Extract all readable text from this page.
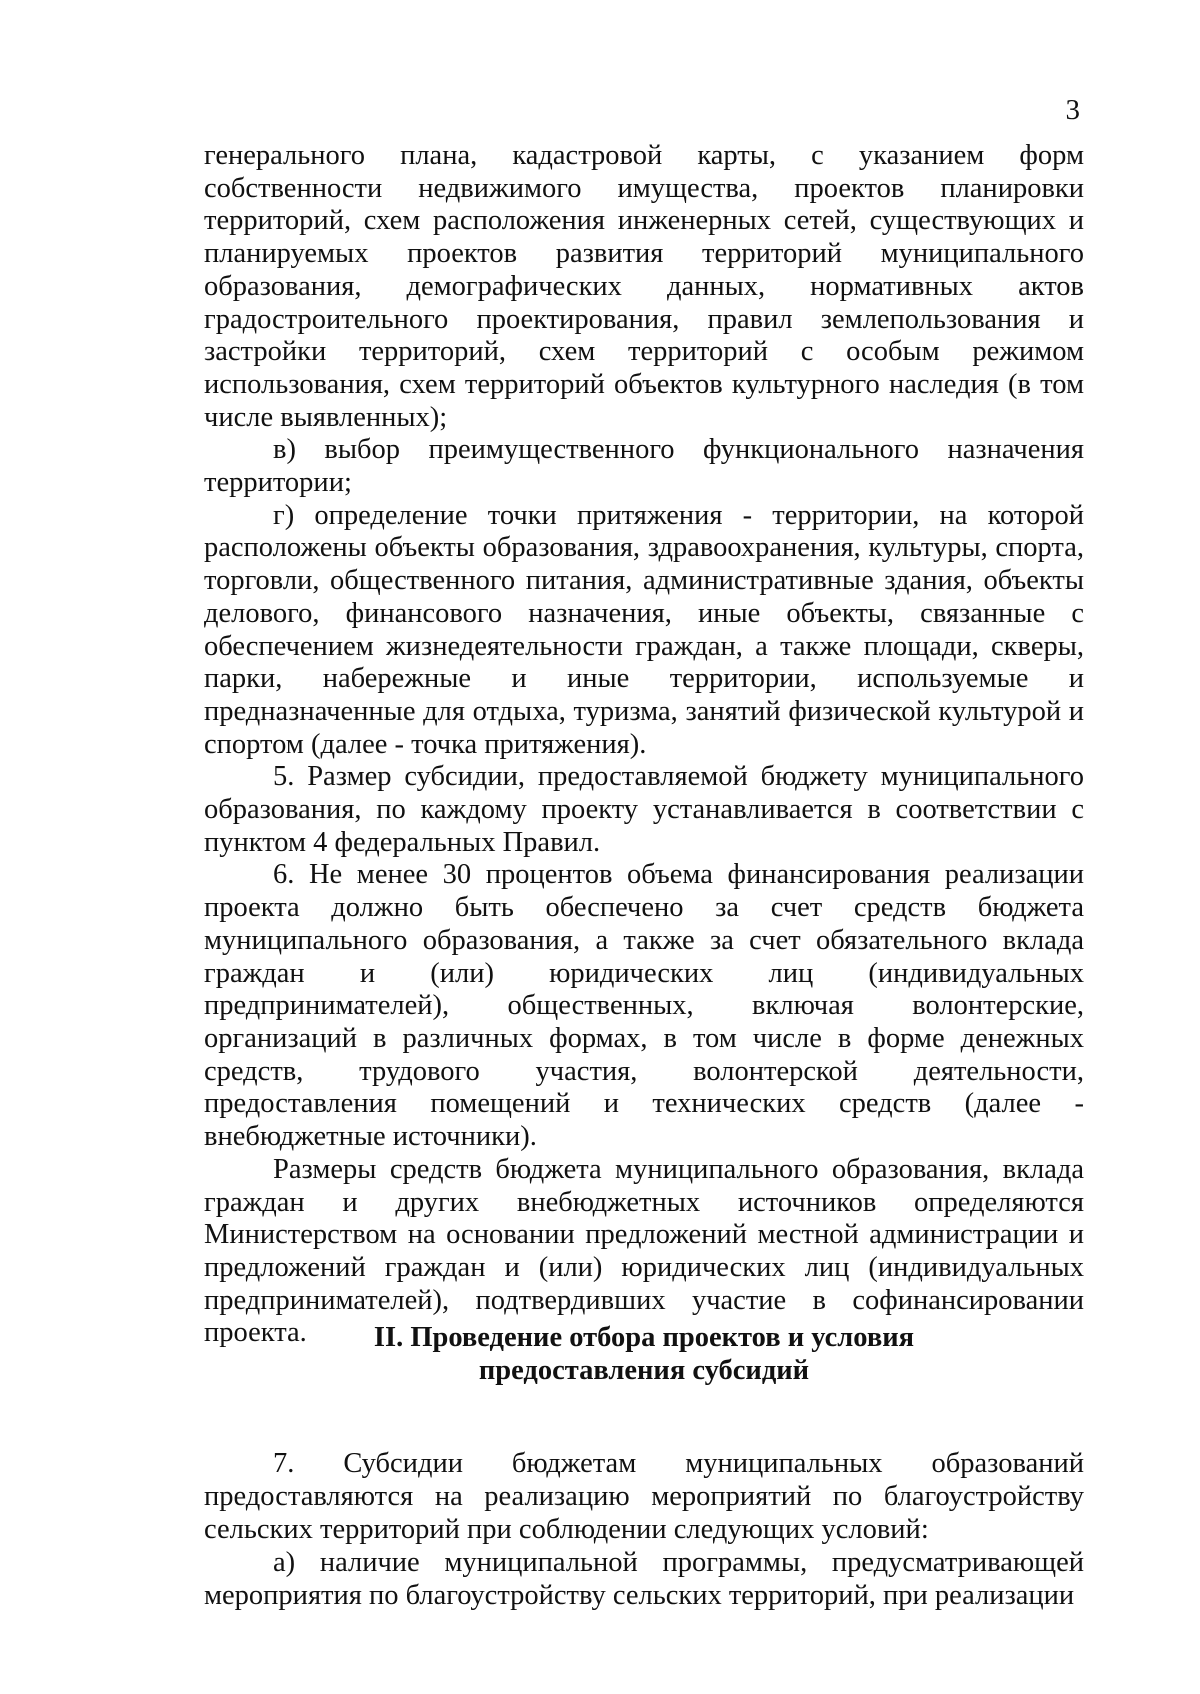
3

генерального плана, кадастровой карты, с указанием форм собственности недвижимого имущества, проектов планировки территорий, схем расположения инженерных сетей, существующих и планируемых проектов развития территорий муниципального образования, демографических данных, нормативных актов градостроительного проектирования, правил землепользования и застройки территорий, схем территорий с особым режимом использования, схем территорий объектов культурного наследия (в том числе выявленных);

в) выбор преимущественного функционального назначения территории;

г) определение точки притяжения - территории, на которой расположены объекты образования, здравоохранения, культуры, спорта, торговли, общественного питания, административные здания, объекты делового, финансового назначения, иные объекты, связанные с обеспечением жизнедеятельности граждан, а также площади, скверы, парки, набережные и иные территории, используемые и предназначенные для отдыха, туризма, занятий физической культурой и спортом (далее - точка притяжения).

5. Размер субсидии, предоставляемой бюджету муниципального образования, по каждому проекту устанавливается в соответствии с пунктом 4 федеральных Правил.

6. Не менее 30 процентов объема финансирования реализации проекта должно быть обеспечено за счет средств бюджета муниципального образования, а также за счет обязательного вклада граждан и (или) юридических лиц (индивидуальных предпринимателей), общественных, включая волонтерские, организаций в различных формах, в том числе в форме денежных средств, трудового участия, волонтерской деятельности, предоставления помещений и технических средств (далее - внебюджетные источники).

Размеры средств бюджета муниципального образования, вклада граждан и других внебюджетных источников определяются Министерством на основании предложений местной администрации и предложений граждан и (или) юридических лиц (индивидуальных предпринимателей), подтвердивших участие в софинансировании проекта.	II. Проведение отбора проектов и условия
предоставления субсидий

7. Субсидии бюджетам муниципальных образований предоставляются на реализацию мероприятий по благоустройству сельских территорий при соблюдении следующих условий:

а) наличие муниципальной программы, предусматривающей мероприятия по благоустройству сельских территорий, при реализации
